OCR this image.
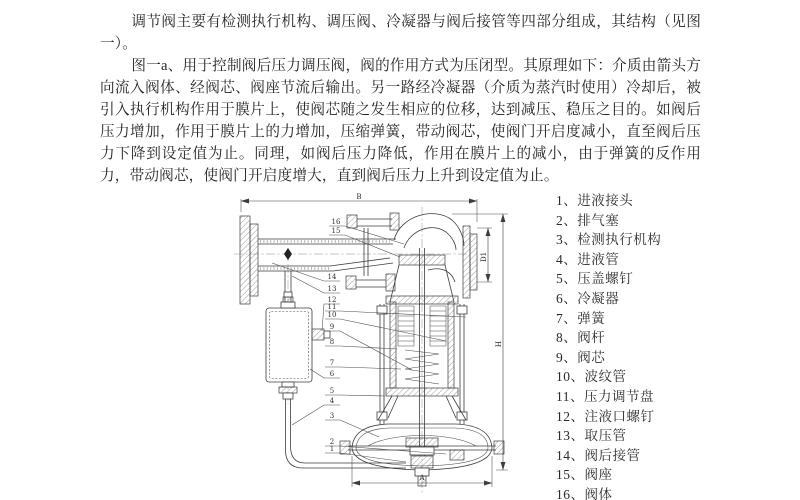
调节阀主要有检测执行机构、调压阀、冷凝器与阀后接管等四部分组成，其结构（见图一）。

图一a、用于控制阀后压力调压阀，阀的作用方式为压闭型。其原理如下：介质由箭头方向流入阀体、经阀芯、阀座节流后输出。另一路经冷凝器（介质为蒸汽时使用）冷却后，被引入执行机构作用于膜片上，使阀芯随之发生相应的位移，达到减压、稳压之目的。如阀后压力增加，作用于膜片上的力增加，压缩弹簧，带动阀芯，使阀门开启度减小，直至阀后压力下降到设定值为止。同理，如阀后压力降低，作用在膜片上的减小，由于弹簧的反作用力，带动阀芯，使阀门开启度增大，直到阀后压力上升到设定值为止。

B
D1
H
A
16
15
14
13
12
11
10
9
8
7
6
5
4
3
2
1
1、进液接头
2、排气塞
3、检测执行机构
4、进液管
5、压盖螺钉
6、冷凝器
7、弹簧
8、阀杆
9、阀芯
10、波纹管
11、压力调节盘
12、注液口螺钉
13、取压管
14、阀后接管
15、阀座
16、阀体
